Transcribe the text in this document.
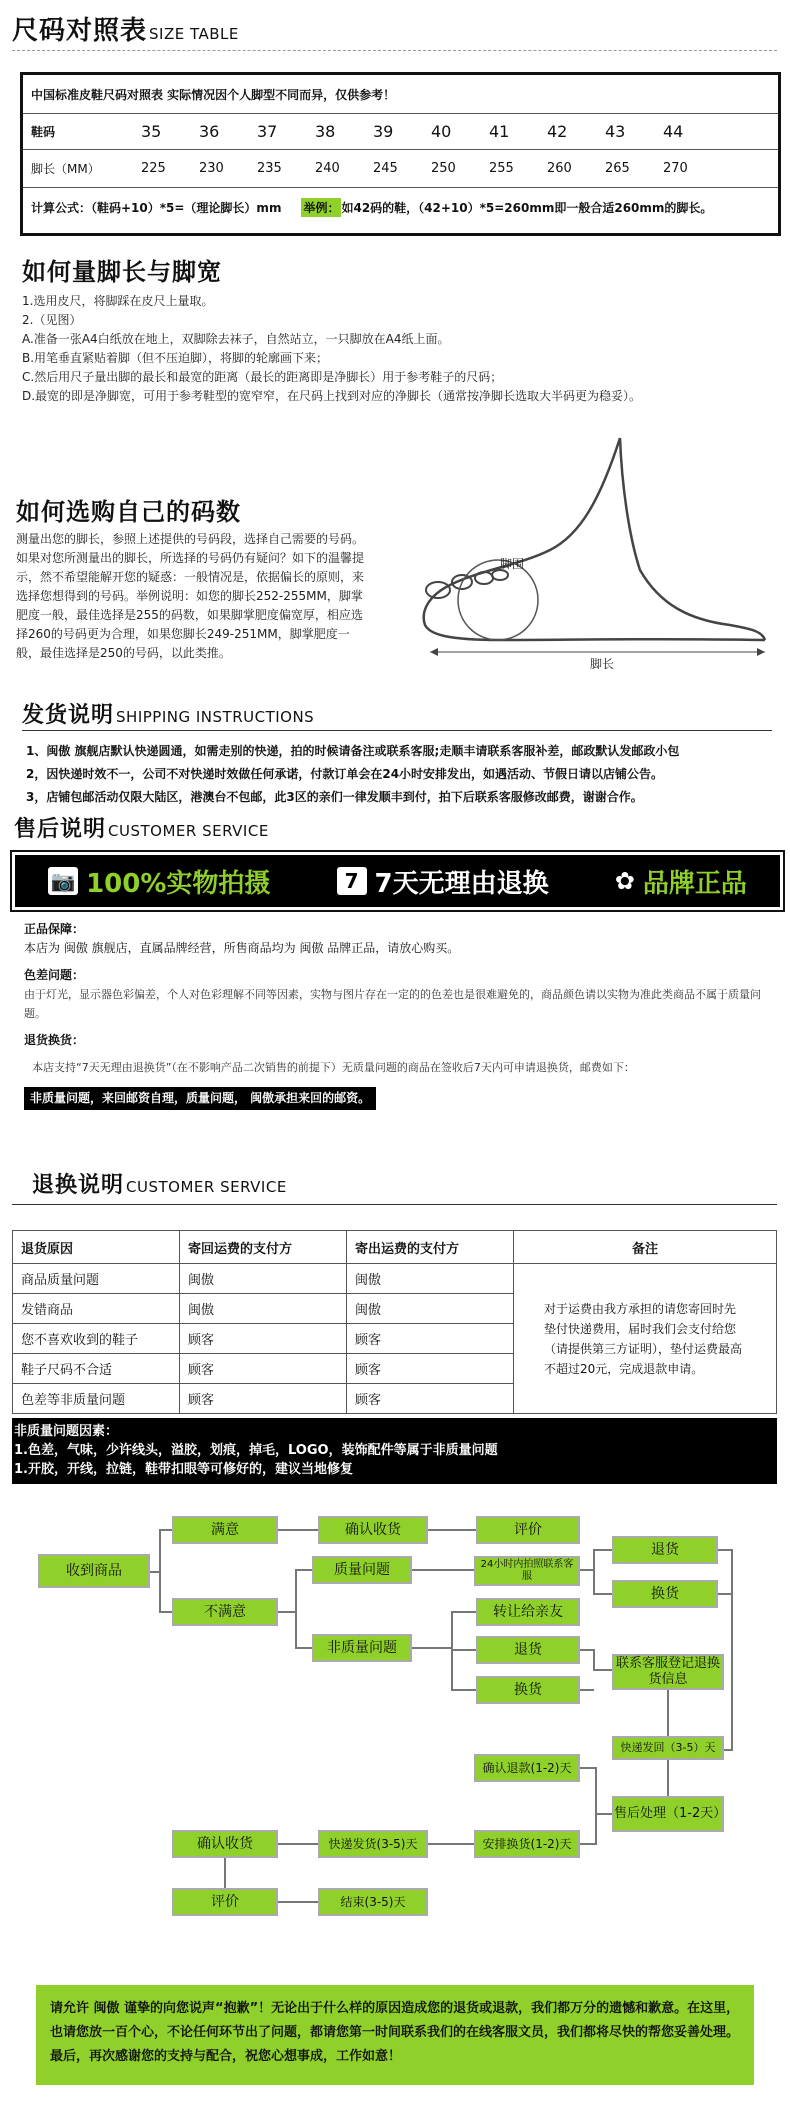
尺码对照表 SIZE TABLE
中国标准皮鞋尺码对照表 实际情况因个人脚型不同而异，仅供参考！
鞋码	35	36	37	38	39	40	41	42	43	44
脚长（MM）	225	230	235	240	245	250	255	260	265	270
计算公式：（鞋码+10）*5=（理论脚长）mm 举例： 如42码的鞋，（42+10）*5=260mm即一般合适260mm的脚长。
如何量脚长与脚宽
1.选用皮尺，将脚踩在皮尺上量取。
2.（见图）
A.准备一张A4白纸放在地上，双脚除去袜子，自然站立，一只脚放在A4纸上面。
B.用笔垂直紧贴着脚（但不压迫脚），将脚的轮廓画下来；
C.然后用尺子量出脚的最长和最宽的距离（最长的距离即是净脚长）用于参考鞋子的尺码；
D.最宽的即是净脚宽，可用于参考鞋型的宽窄窄，在尺码上找到对应的净脚长（通常按净脚长选取大半码更为稳妥）。
如何选购自己的码数
测量出您的脚长，参照上述提供的号码段，选择自己需要的号码。如果对您所测量出的脚长，所选择的号码仍有疑问？如下的温馨提示，然不希望能解开您的疑惑：一般情况是，依据偏长的原则，来选择您想得到的号码。举例说明：如您的脚长252-255MM，脚掌肥度一般，最佳选择是255的码数，如果脚掌肥度偏宽厚，相应选择260的号码更为合理，如果您脚长249-251MM，脚掌肥度一般，最佳选择是250的号码，以此类推。
脚围
脚长
发货说明 SHIPPING INSTRUCTIONS
1、闽傲 旗舰店默认快递圆通，如需走别的快递，拍的时候请备注或联系客服;走顺丰请联系客服补差，邮政默认发邮政小包
2，因快递时效不一，公司不对快递时效做任何承诺，付款订单会在24小时安排发出，如遇活动、节假日请以店铺公告。
3，店铺包邮活动仅限大陆区，港澳台不包邮，此3区的亲们一律发顺丰到付，拍下后联系客服修改邮费，谢谢合作。
售后说明 CUSTOMER SERVICE
📷 100%实物拍摄	7 7天无理由退换	✿ 品牌正品
正品保障：
本店为 闽傲 旗舰店，直属品牌经营，所售商品均为 闽傲 品牌正品，请放心购买。
色差问题：
由于灯光，显示器色彩偏差，个人对色彩理解不同等因素，实物与图片存在一定的的色差也是很难避免的，商品颜色请以实物为准此类商品不属于质量问题。
退货换货：
本店支持“7天无理由退换货”（在不影响产品二次销售的前提下）无质量问题的商品在签收后7天内可申请退换货，邮费如下：
非质量问题，来回邮资自理，质量问题， 闽傲承担来回的邮资。
退换说明 CUSTOMER SERVICE
退货原因	寄回运费的支付方	寄出运费的支付方	备注
商品质量问题	闽傲	闽傲	对于运费由我方承担的请您寄回时先垫付快递费用，届时我们会支付给您（请提供第三方证明），垫付运费最高不超过20元，完成退款申请。
发错商品	闽傲	闽傲	
您不喜欢收到的鞋子	顾客	顾客	
鞋子尺码不合适	顾客	顾客	
色差等非质量问题	顾客	顾客	
非质量问题因素：
1.色差，气味，少许线头，溢胶，划痕，掉毛，LOGO，装饰配件等属于非质量问题
1.开胶，开线，拉链，鞋带扣眼等可修好的，建议当地修复
收到商品
满意	确认收货	评价
不满意
质量问题	24小时内拍照联系客服
退货
换货
转让给亲友
非质量问题	退货
换货
联系客服登记退换货信息
快递发回（3-5）天
确认退款(1-2)天
售后处理（1-2天）
安排换货(1-2)天
快递发货(3-5)天
确认收货
评价	结束(3-5)天
请允许 闽傲 谨挚的向您说声“抱歉”！无论出于什么样的原因造成您的退货或退款，我们都万分的遗憾和歉意。在这里，也请您放一百个心，不论任何环节出了问题，都请您第一时间联系我们的在线客服文员，我们都将尽快的帮您妥善处理。最后，再次感谢您的支持与配合，祝您心想事成，工作如意！
